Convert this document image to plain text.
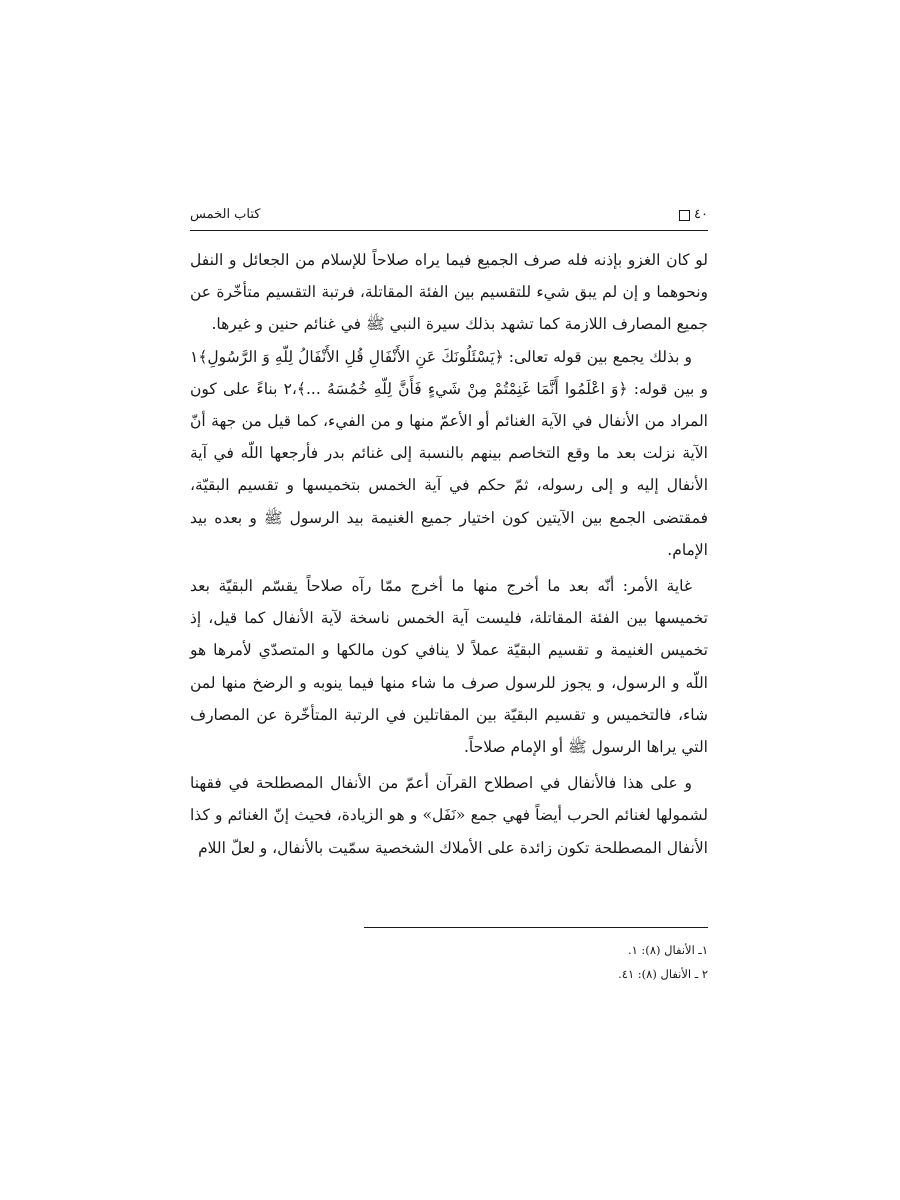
كتاب الخمس	٤٠

لو كان الغزو بإذنه فله صرف الجميع فيما يراه صلاحاً للإسلام من الجعائل و النفل ونحوهما و إن لم يبق شيء للتقسيم بين الفئة المقاتلة، فرتبة التقسيم متأخّرة عن جميع المصارف اللازمة كما تشهد بذلك سيرة النبي ﷺ في غنائم حنين و غيرها.

و بذلك يجمع بين قوله تعالى: ﴿يَسْئَلُونَكَ عَنِ الأَنْفَالِ قُلِ الأَنْفَالُ لِلّهِ وَ الرَّسُولِ﴾١ و بين قوله: ﴿وَ اعْلَمُوا أَنَّمَا غَنِمْتُمْ مِنْ شَيءٍ فَأَنَّ لِلّهِ خُمُسَهُ ...﴾،٢ بناءً على كون المراد من الأنفال في الآية الغنائم أو الأعمّ منها و من الفيء، كما قيل من جهة أنّ الآية نزلت بعد ما وقع التخاصم بينهم بالنسبة إلى غنائم بدر فأرجعها اللّه في آية الأنفال إليه و إلى رسوله، ثمّ حكم في آية الخمس بتخميسها و تقسيم البقيّة، فمقتضى الجمع بين الآيتين كون اختيار جميع الغنيمة بيد الرسول ﷺ و بعده بيد الإمام.

غاية الأمر: أنّه بعد ما أخرج منها ما أخرج ممّا رآه صلاحاً يقسّم البقيّة بعد تخميسها بين الفئة المقاتلة، فليست آية الخمس ناسخة لآية الأنفال كما قيل، إذ تخميس الغنيمة و تقسيم البقيّة عملاً لا ينافي كون مالكها و المتصدّي لأمرها هو اللّه و الرسول، و يجوز للرسول صرف ما شاء منها فيما ينوبه و الرضخ منها لمن شاء، فالتخميس و تقسيم البقيّة بين المقاتلين في الرتبة المتأخّرة عن المصارف التي يراها الرسول ﷺ أو الإمام صلاحاً.

و على هذا فالأنفال في اصطلاح القرآن أعمّ من الأنفال المصطلحة في فقهنا لشمولها لغنائم الحرب أيضاً فهي جمع «نَفَل» و هو الزيادة، فحيث إنّ الغنائم و كذا الأنفال المصطلحة تكون زائدة على الأملاك الشخصية سمّيت بالأنفال، و لعلّ اللام

١ـ الأنفال (٨): ١.
٢ ـ الأنفال (٨): ٤١.
